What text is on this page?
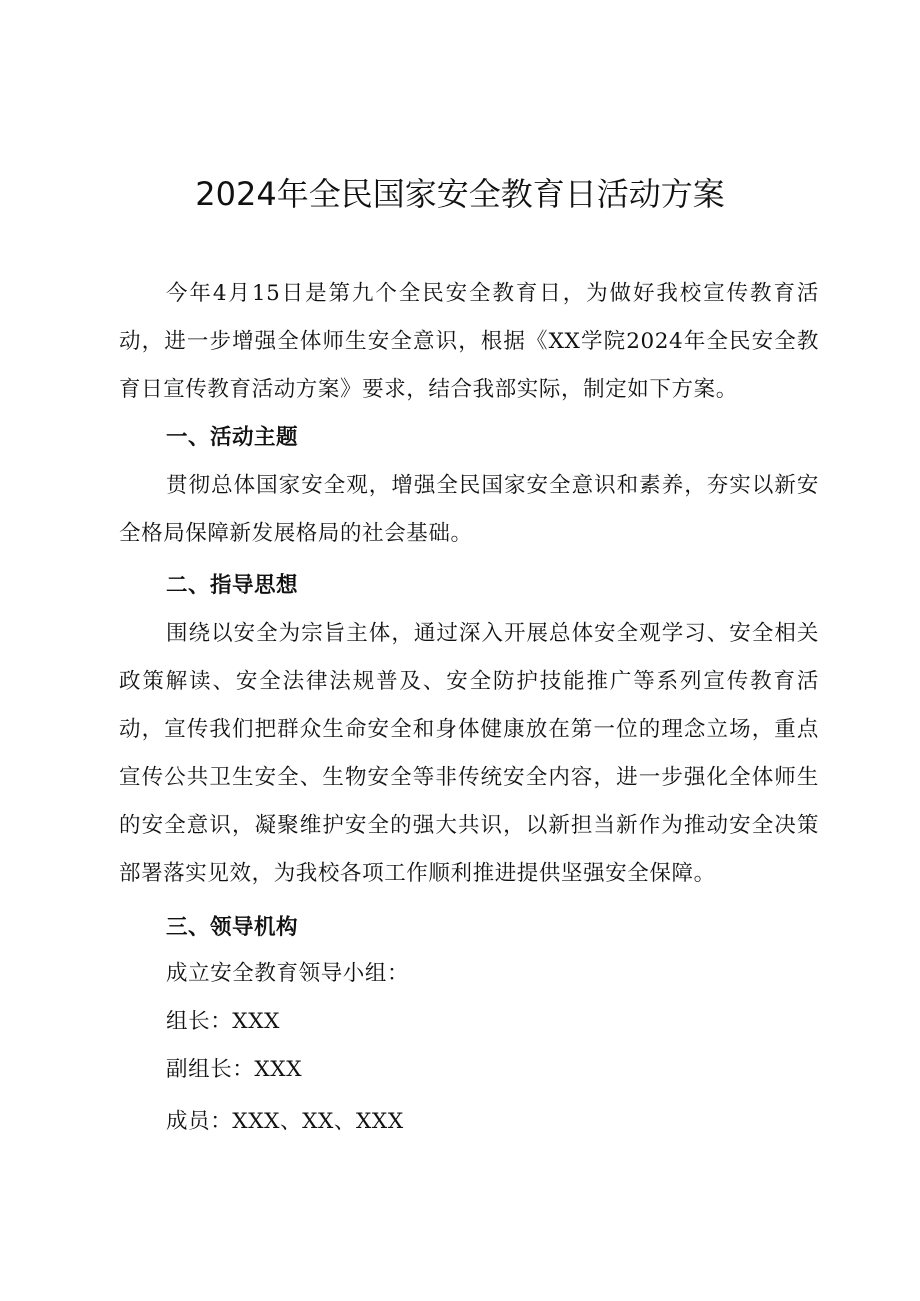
2024年全民国家安全教育日活动方案

今年4月15日是第九个全民安全教育日，为做好我校宣传教育活动，进一步增强全体师生安全意识，根据《XX学院2024年全民安全教育日宣传教育活动方案》要求，结合我部实际，制定如下方案。

一、活动主题

贯彻总体国家安全观，增强全民国家安全意识和素养，夯实以新安全格局保障新发展格局的社会基础。

二、指导思想

围绕以安全为宗旨主体，通过深入开展总体安全观学习、安全相关政策解读、安全法律法规普及、安全防护技能推广等系列宣传教育活动，宣传我们把群众生命安全和身体健康放在第一位的理念立场，重点宣传公共卫生安全、生物安全等非传统安全内容，进一步强化全体师生的安全意识，凝聚维护安全的强大共识，以新担当新作为推动安全决策部署落实见效，为我校各项工作顺利推进提供坚强安全保障。

三、领导机构

成立安全教育领导小组：

组长：XXX

副组长：XXX

成员：XXX、XX、XXX
